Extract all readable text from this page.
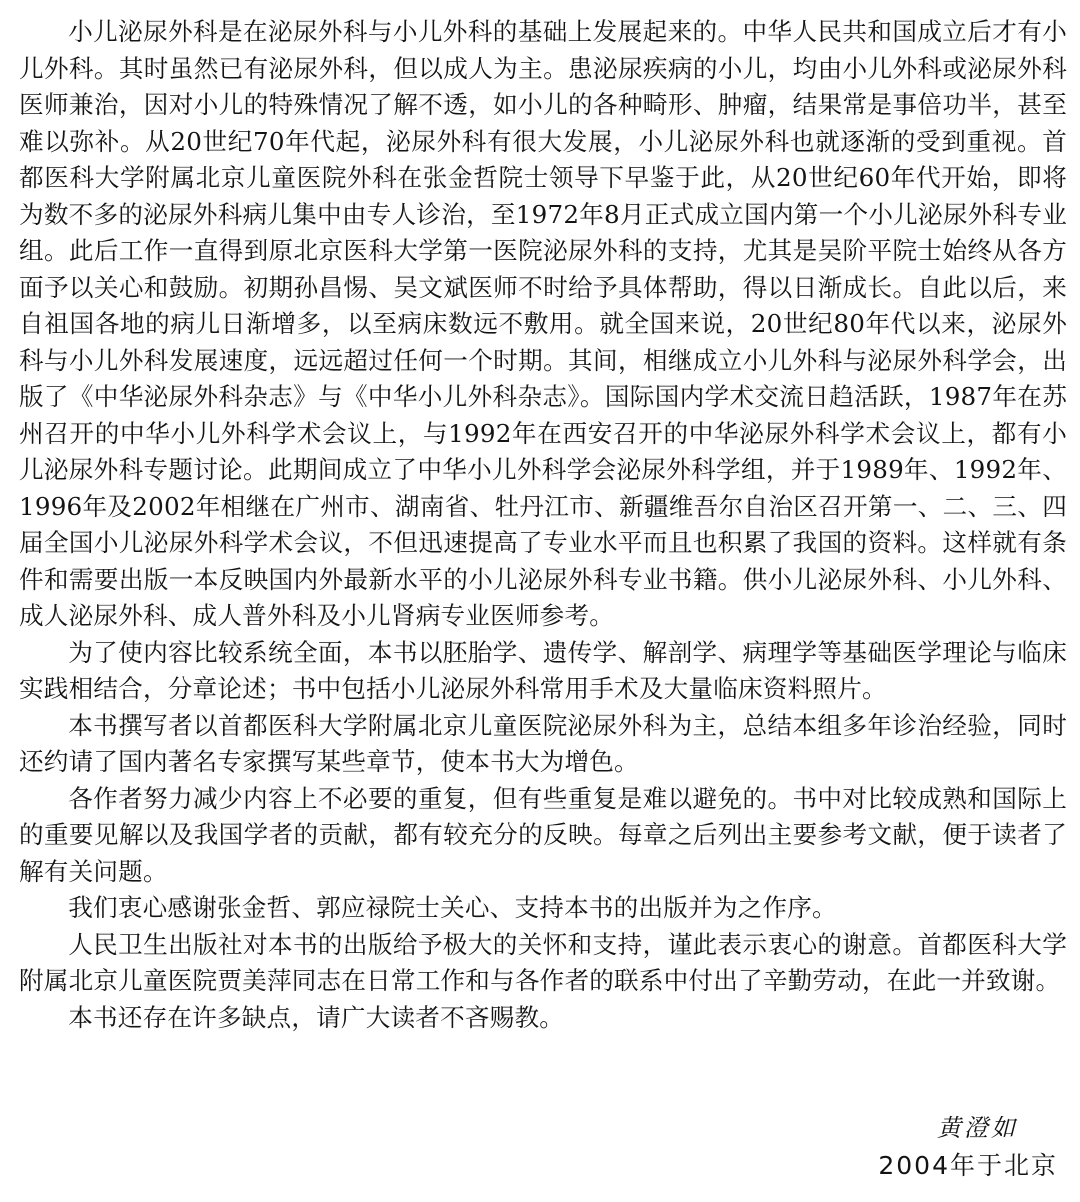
小儿泌尿外科是在泌尿外科与小儿外科的基础上发展起来的。中华人民共和国成立后才有小儿外科。其时虽然已有泌尿外科，但以成人为主。患泌尿疾病的小儿，均由小儿外科或泌尿外科医师兼治，因对小儿的特殊情况了解不透，如小儿的各种畸形、肿瘤，结果常是事倍功半，甚至难以弥补。从20世纪70年代起，泌尿外科有很大发展，小儿泌尿外科也就逐渐的受到重视。首都医科大学附属北京儿童医院外科在张金哲院士领导下早鉴于此，从20世纪60年代开始，即将为数不多的泌尿外科病儿集中由专人诊治，至1972年8月正式成立国内第一个小儿泌尿外科专业组。此后工作一直得到原北京医科大学第一医院泌尿外科的支持，尤其是吴阶平院士始终从各方面予以关心和鼓励。初期孙昌惕、吴文斌医师不时给予具体帮助，得以日渐成长。自此以后，来自祖国各地的病儿日渐增多，以至病床数远不敷用。就全国来说，20世纪80年代以来，泌尿外科与小儿外科发展速度，远远超过任何一个时期。其间，相继成立小儿外科与泌尿外科学会，出版了《中华泌尿外科杂志》与《中华小儿外科杂志》。国际国内学术交流日趋活跃，1987年在苏州召开的中华小儿外科学术会议上，与1992年在西安召开的中华泌尿外科学术会议上，都有小儿泌尿外科专题讨论。此期间成立了中华小儿外科学会泌尿外科学组，并于1989年、1992年、1996年及2002年相继在广州市、湖南省、牡丹江市、新疆维吾尔自治区召开第一、二、三、四届全国小儿泌尿外科学术会议，不但迅速提高了专业水平而且也积累了我国的资料。这样就有条件和需要出版一本反映国内外最新水平的小儿泌尿外科专业书籍。供小儿泌尿外科、小儿外科、成人泌尿外科、成人普外科及小儿肾病专业医师参考。

为了使内容比较系统全面，本书以胚胎学、遗传学、解剖学、病理学等基础医学理论与临床实践相结合，分章论述；书中包括小儿泌尿外科常用手术及大量临床资料照片。

本书撰写者以首都医科大学附属北京儿童医院泌尿外科为主，总结本组多年诊治经验，同时还约请了国内著名专家撰写某些章节，使本书大为增色。

各作者努力减少内容上不必要的重复，但有些重复是难以避免的。书中对比较成熟和国际上的重要见解以及我国学者的贡献，都有较充分的反映。每章之后列出主要参考文献，便于读者了解有关问题。

我们衷心感谢张金哲、郭应禄院士关心、支持本书的出版并为之作序。

人民卫生出版社对本书的出版给予极大的关怀和支持，谨此表示衷心的谢意。首都医科大学附属北京儿童医院贾美萍同志在日常工作和与各作者的联系中付出了辛勤劳动，在此一并致谢。

本书还存在许多缺点，请广大读者不吝赐教。

黄澄如
2004年于北京
